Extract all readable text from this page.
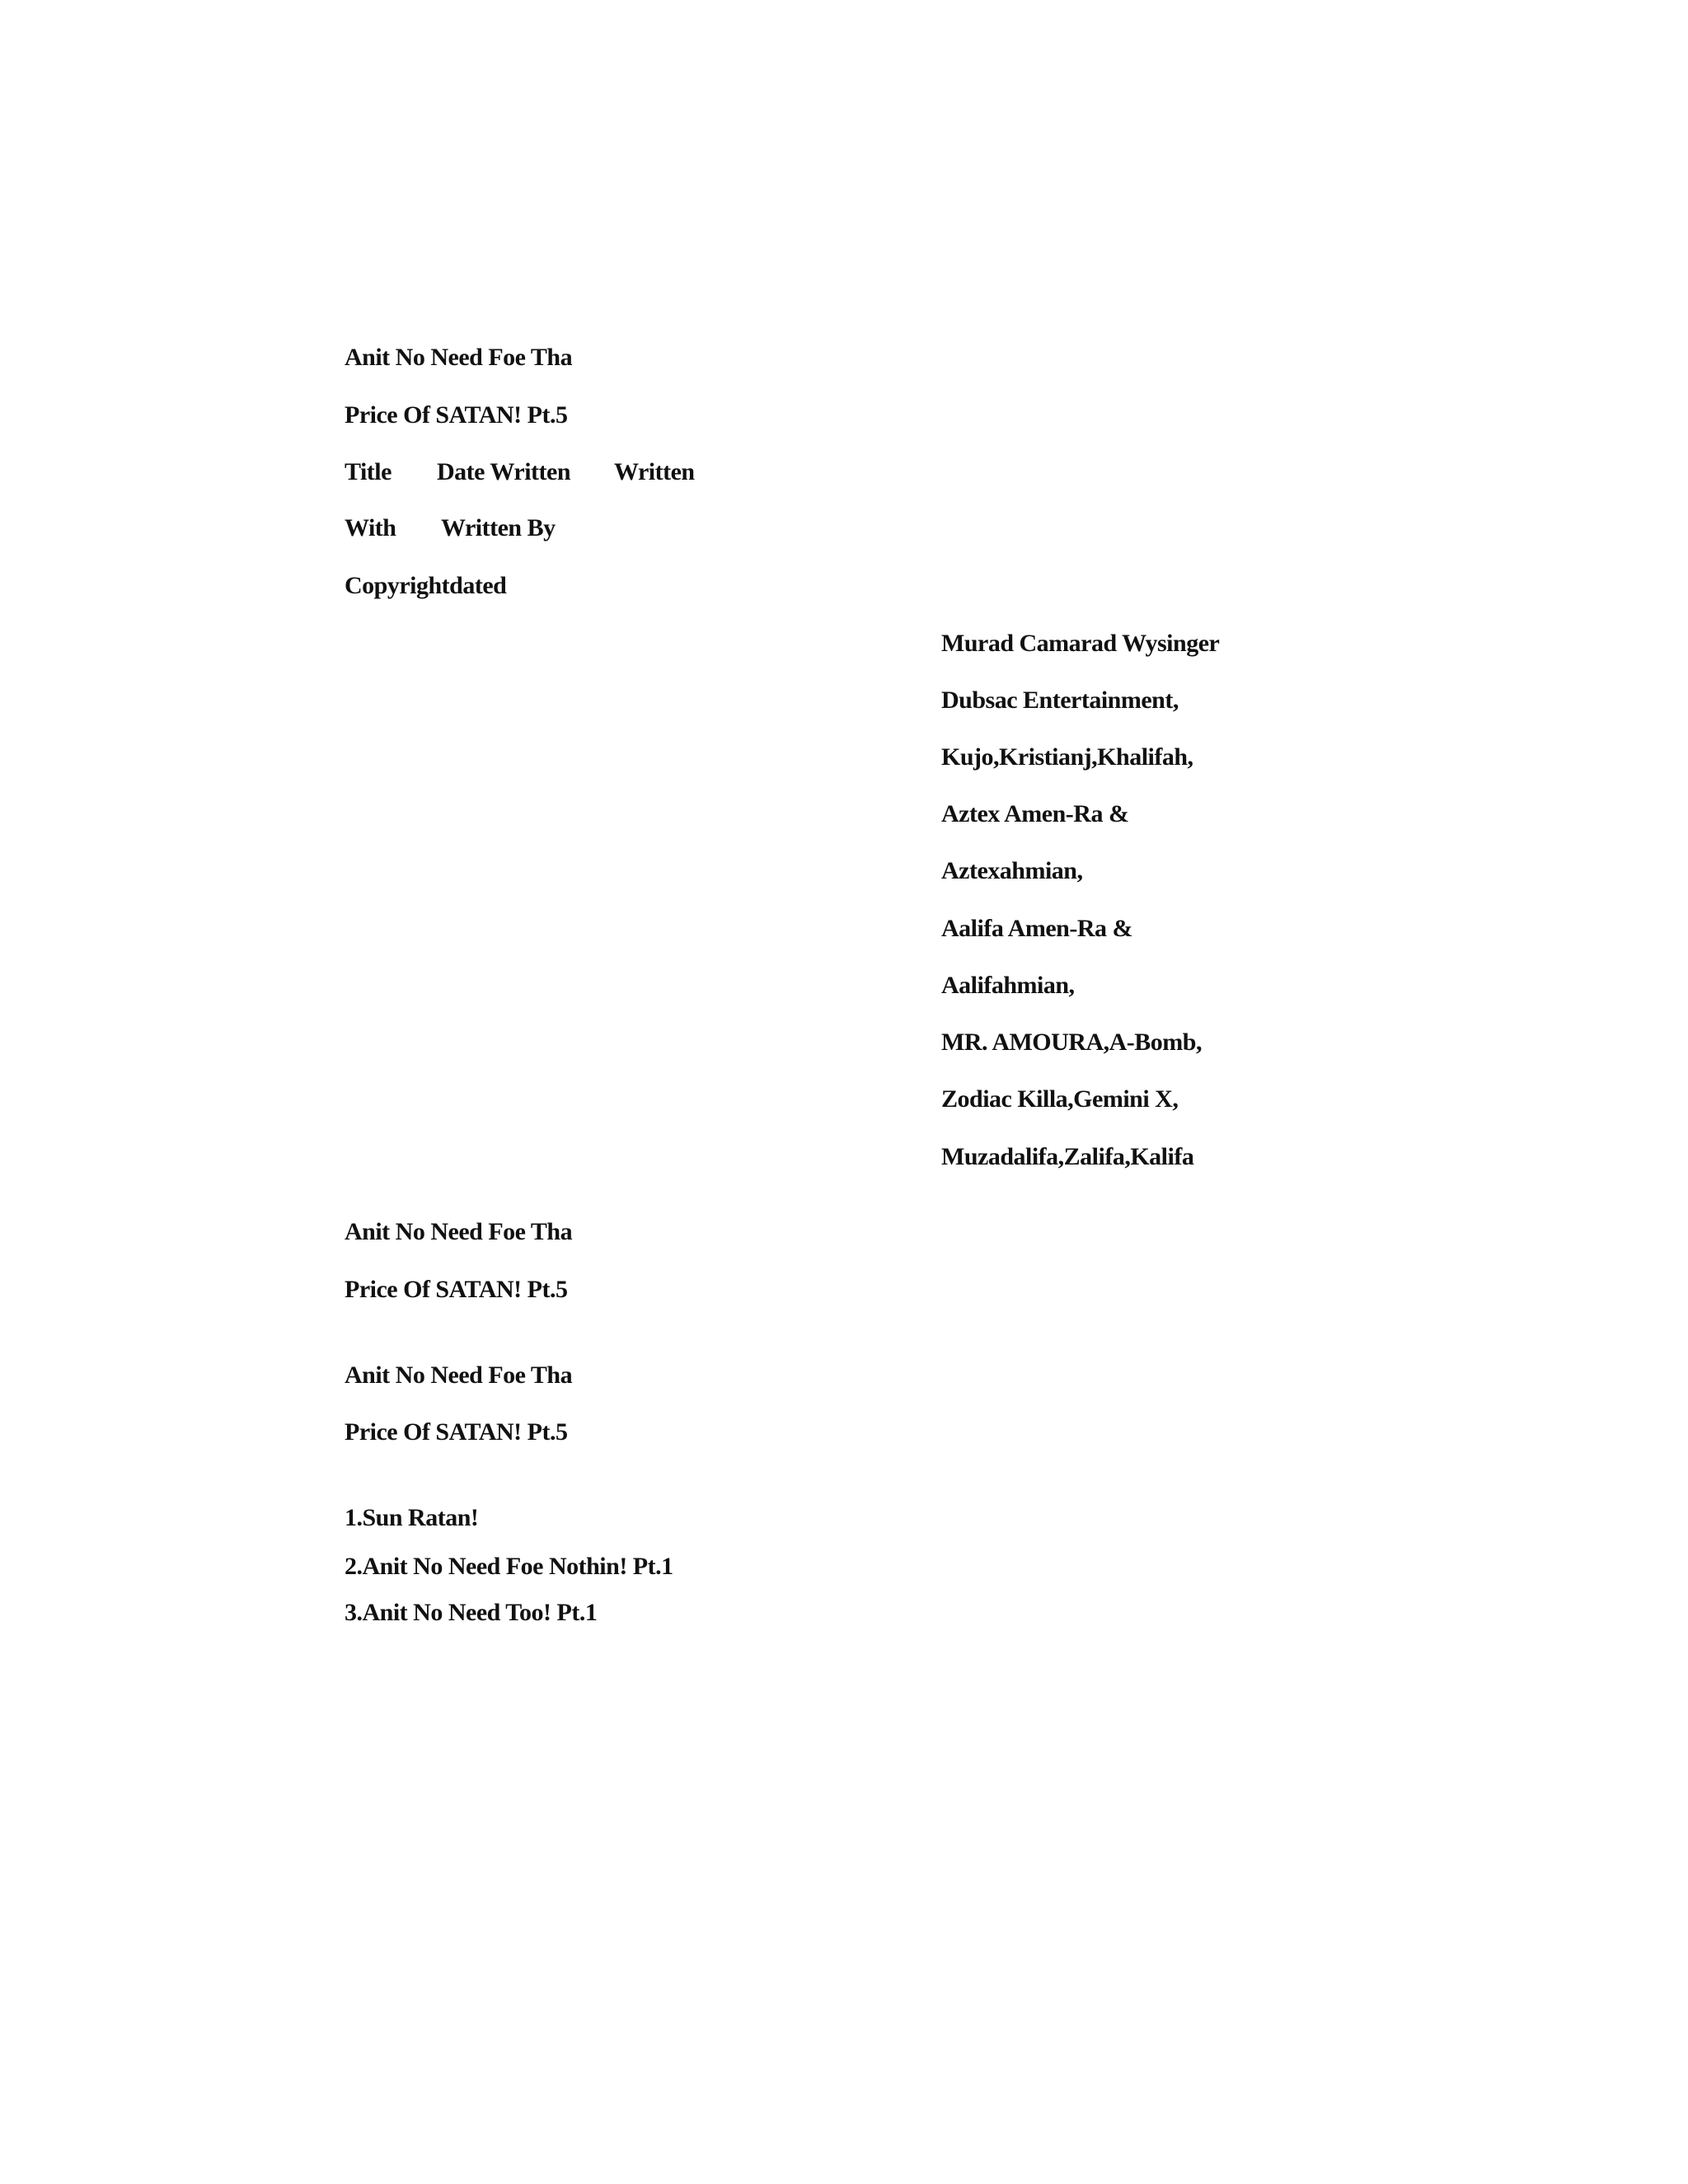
Anit No Need Foe Tha
Price Of SATAN! Pt.5
Title Date Written Written
With Written By
Copyrightdated
Murad Camarad Wysinger
Dubsac Entertainment,
Kujo,Kristianj,Khalifah,
Aztex Amen-Ra &
Aztexahmian,
Aalifa Amen-Ra &
Aalifahmian,
MR. AMOURA,A-Bomb,
Zodiac Killa,Gemini X,
Muzadalifa,Zalifa,Kalifa
Anit No Need Foe Tha
Price Of SATAN! Pt.5
Anit No Need Foe Tha
Price Of SATAN! Pt.5
1.Sun Ratan!
2.Anit No Need Foe Nothin! Pt.1
3.Anit No Need Too! Pt.1
